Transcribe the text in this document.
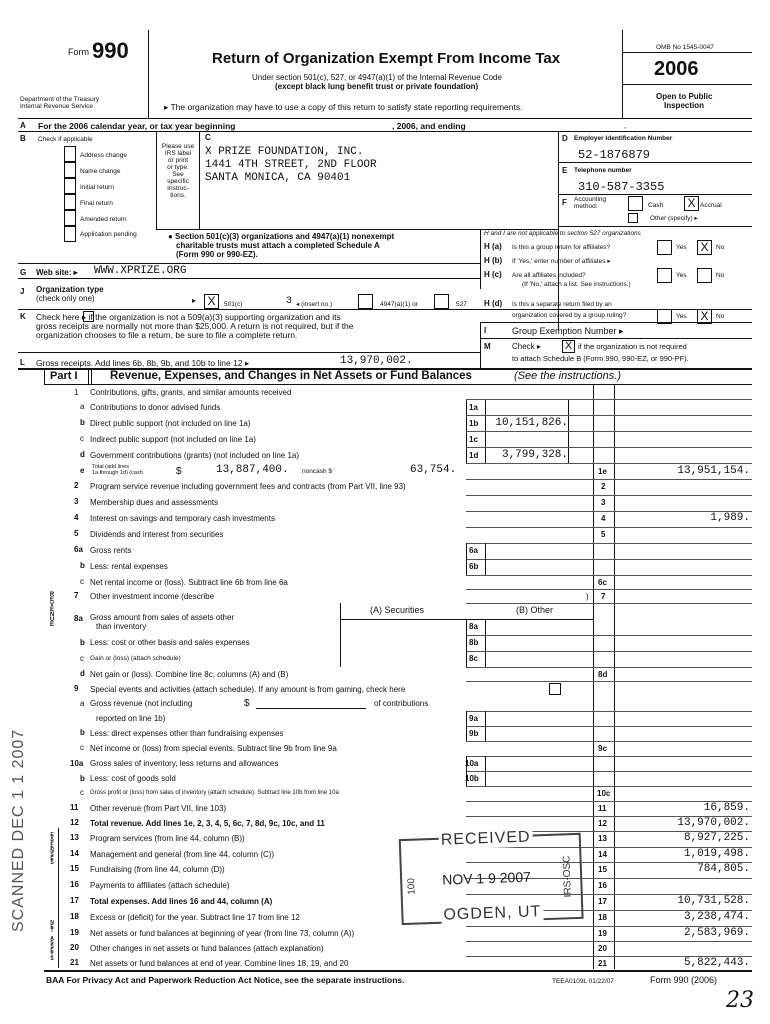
Form 990
Department of the Treasury
Internal Revenue Service
Return of Organization Exempt From Income Tax
Under section 501(c), 527, or 4947(a)(1) of the Internal Revenue Code
(except black lung benefit trust or private foundation)
▸ The organization may have to use a copy of this return to satisfy state reporting requirements.
OMB No 1545-0047
2006
Open to Public
Inspection
A For the 2006 calendar year, or tax year beginning	, 2006, and ending	,
B Check if applicable
Address change
Name change
Initial return
Final return
Amended return
Application pending
Please use
IRS label
or print
or type.
See
specific
Instruc-
tions.
C
X PRIZE FOUNDATION, INC.
1441 4TH STREET, 2ND FLOOR
SANTA MONICA, CA 90401
D Employer Identification Number
52-1876879
E Telephone number
310-587-3355
F Accounting
method:	Cash X Accrual
Other (specify) ▸
● Section 501(c)(3) organizations and 4947(a)(1) nonexempt
charitable trusts must attach a completed Schedule A
(Form 990 or 990-EZ).
H and I are not applicable to section 527 organizations
H (a) Is this a group return for affiliates?	Yes X	No
H (b) If 'Yes,' enter number of affiliates ▸
H (c) Are all affiliates included?	Yes	No
(If 'No,' attach a list. See instructions.)
H (d) Is this a separate return filed by an
organization covered by a group ruling?	Yes X	No
G Web site: ▸ WWW.XPRIZE.ORG
J Organization type
(check only one)	▸ X	501(c)	3 ◂ (insert no.)	4947(a)(1) or	527
K Check here ▸ if the organization is not a 509(a)(3) supporting organization and its
gross receipts are normally not more than $25,000. A return is not required, but if the
organization chooses to file a return, be sure to file a complete return.	I	Group Exemption Number ▸
M	Check ▸ X if the organization is not required
to attach Schedule B (Form 990, 990-EZ, or 990-PF).
L Gross receipts. Add lines 6b, 8b, 9b, and 10b to line 12 ▸	13,970,002.
Part I	Revenue, Expenses, and Changes in Net Assets or Fund Balances	(See the instructions.)
REVENUE
EXPENSES
NET ASSETS
1 Contributions, gifts, grants, and similar amounts received
a Contributions to donor advised funds	1a
b Direct public support (not included on line 1a)	1b	10,151,826.
c Indirect public support (not included on line 1a)	1c
d Government contributions (grants) (not included on line 1a)	1d	3,799,328.
e Total (add lines
1a through 1d) (cash	$	13,887,400. noncash $	63,754.	1e	13,951,154.
2 Program service revenue including government fees and contracts (from Part VII, line 93)	2
3 Membership dues and assessments	3
4 Interest on savings and temporary cash investments	4	1,989.
5 Dividends and interest from securities	5
6a Gross rents	6a
b Less: rental expenses	6b
c Net rental income or (loss). Subtract line 6b from line 6a	6c
7 Other investment income (describe	) 7
(A) Securities	(B) Other
8a Gross amount from sales of assets other
than inventory	8a
b Less: cost or other basis and sales expenses	8b
c Gain or (loss) (attach schedule)	8c
d Net gain or (loss). Combine line 8c, columns (A) and (B)	8d
9 Special events and activities (attach schedule). If any amount is from gaming, check here
a Gross revenue (not including	$	of contributions
reported on line 1b)	9a
b Less: direct expenses other than fundraising expenses	9b
c Net income or (loss) from special events. Subtract line 9b from line 9a	9c
10a Gross sales of inventory, less returns and allowances	10a
b Less: cost of goods sold	10b
c Gross profit or (loss) from sales of inventory (attach schedule). Subtract line 10b from line 10a	10c
11 Other revenue (from Part VII, line 103)	11	16,859.
12 Total revenue. Add lines 1e, 2, 3, 4, 5, 6c, 7, 8d, 9c, 10c, and 11	12	13,970,002.
13 Program services (from line 44, column (B))	13	8,927,225.
14 Management and general (from line 44, column (C))	14	1,019,498.
15 Fundraising (from line 44, column (D))	15	784,805.
16 Payments to affiliates (attach schedule)	16
17 Total expenses. Add lines 16 and 44, column (A)	17	10,731,528.
18 Excess or (deficit) for the year. Subtract line 17 from line 12	18	3,238,474.
19 Net assets or fund balances at beginning of year (from line 73, column (A))	19	2,583,969.
20 Other changes in net assets or fund balances (attach explanation)	20
21 Net assets or fund balances at end of year. Combine lines 18, 19, and 20	21	5,822,443.
BAA For Privacy Act and Paperwork Reduction Act Notice, see the separate instructions.	TEEA0109L 01/22/07	Form 990 (2006)
23
RECEIVED
NOV 1 9 2007
OGDEN, UT
100	IRS-OSC
SCANNED DEC 1 1 2007
